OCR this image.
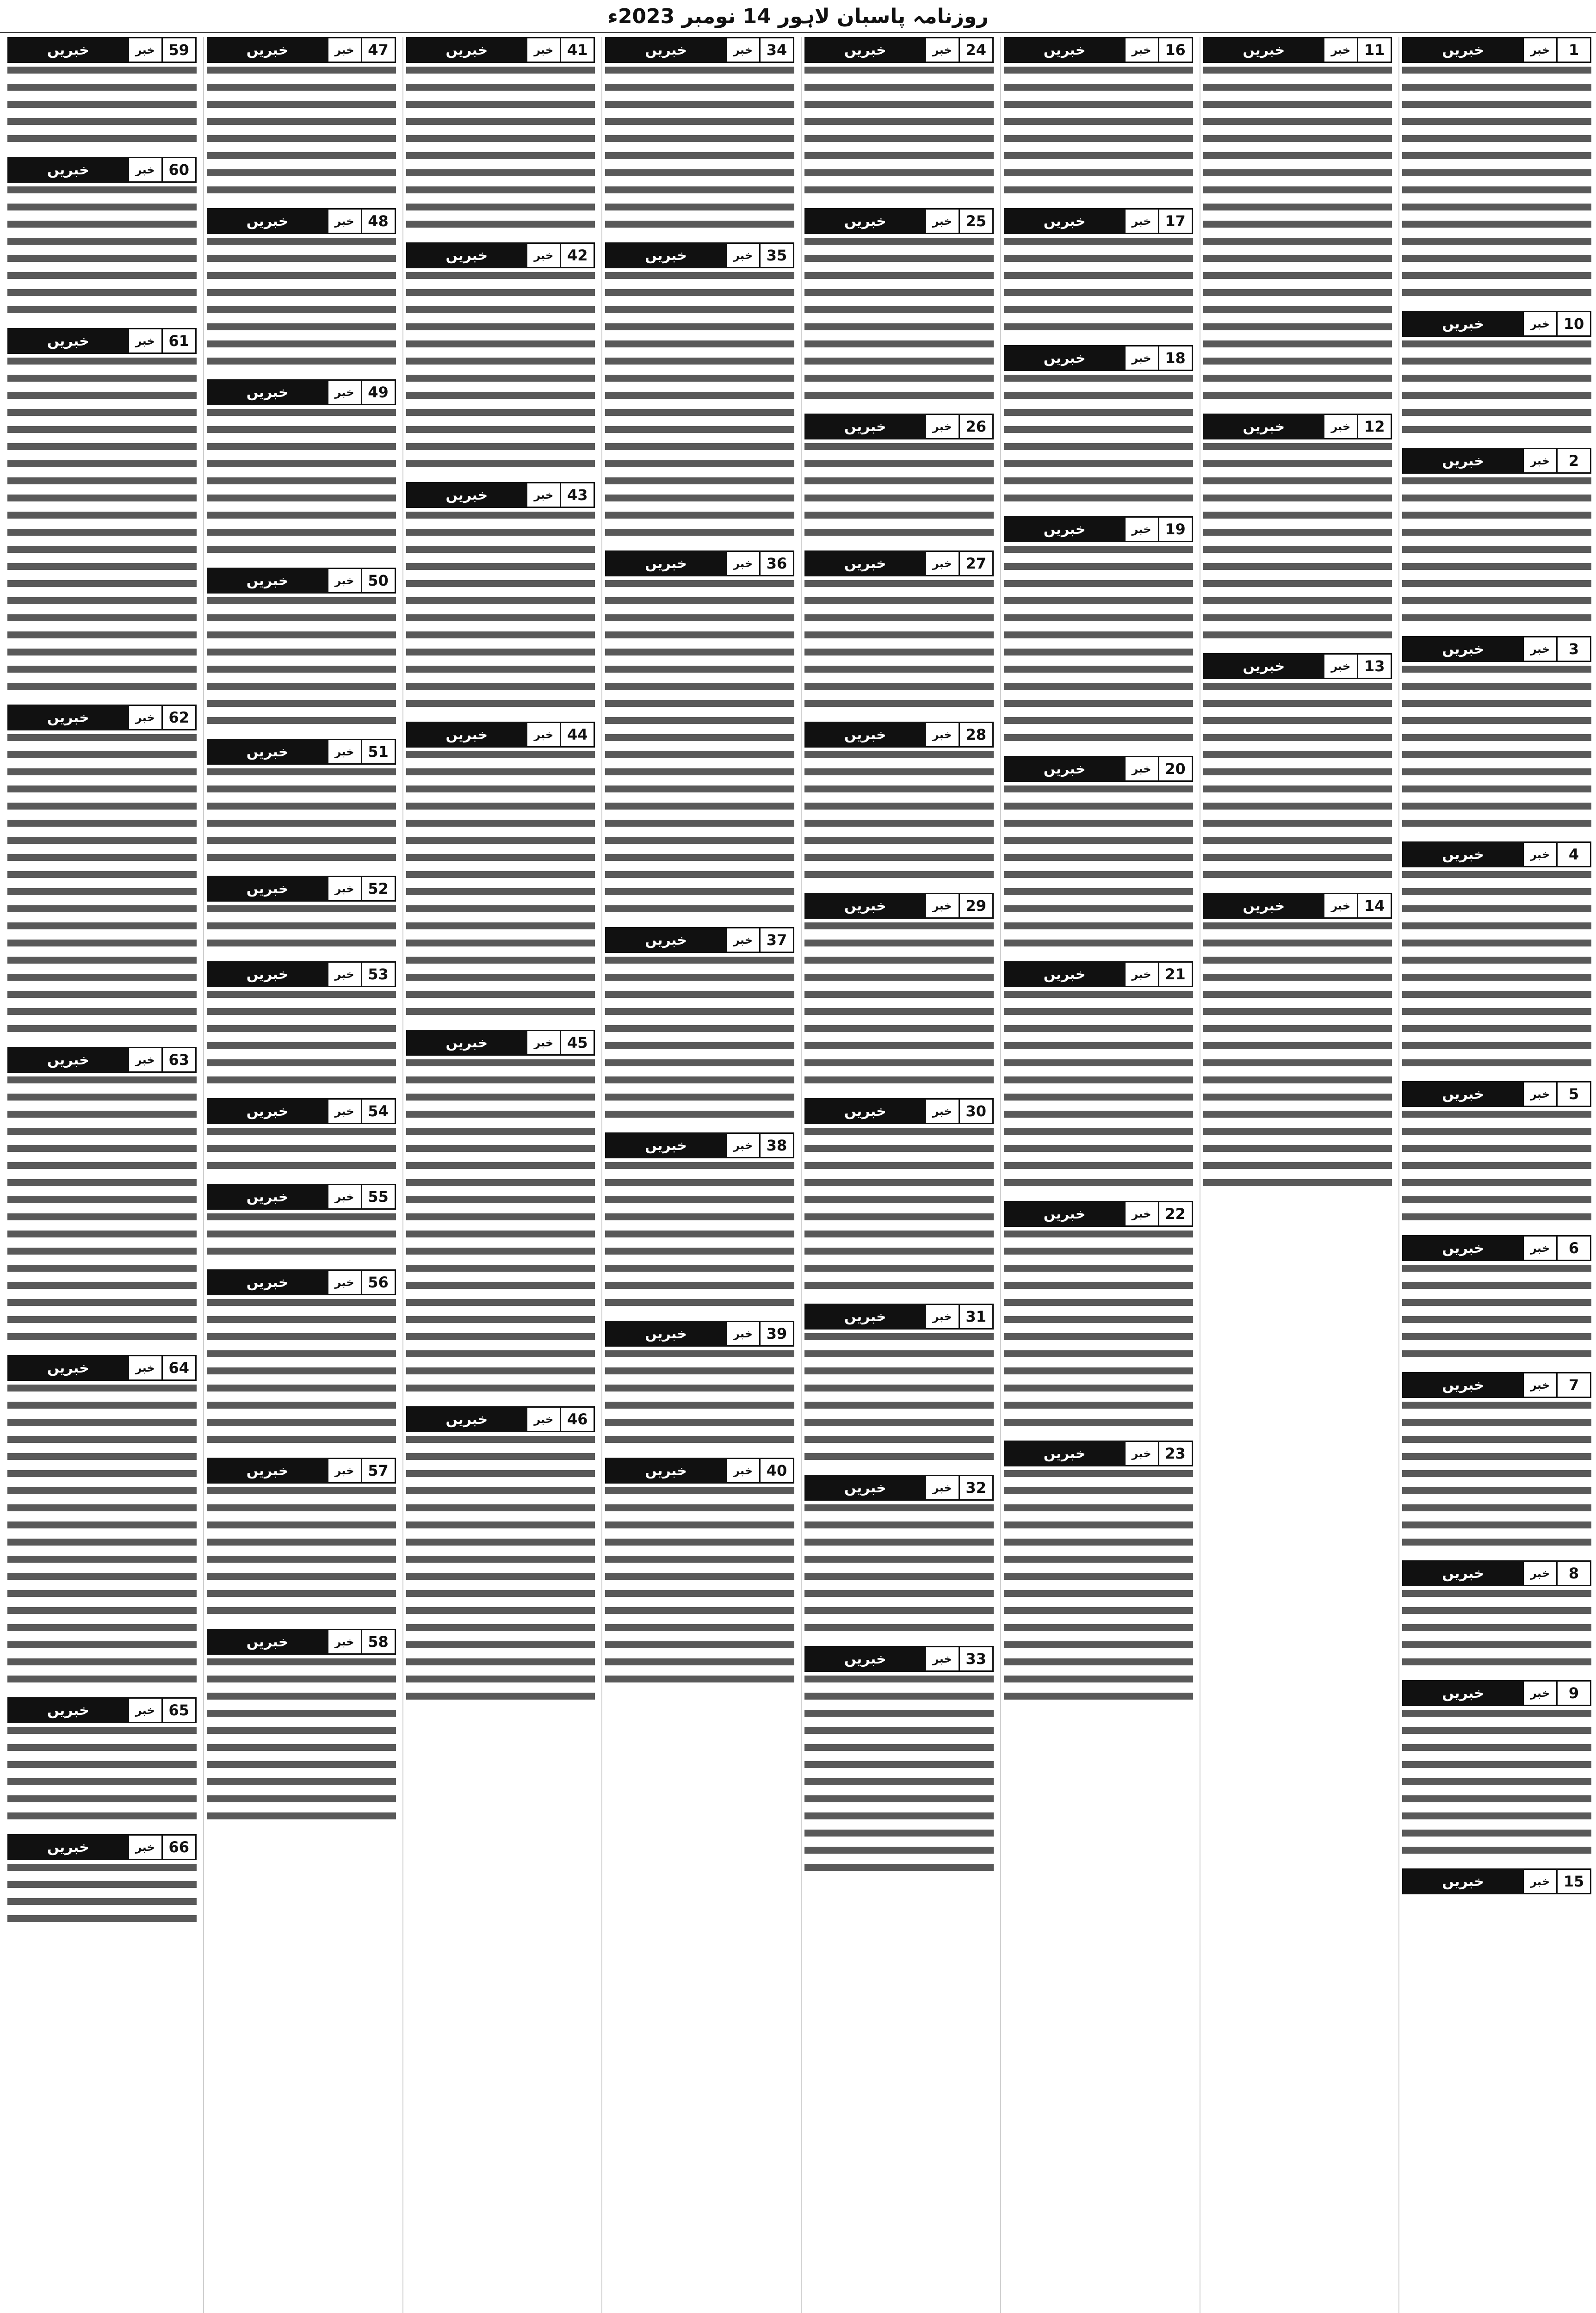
روزنامہ پاسبان لاہور 14 نومبر 2023ء
خبریں	خبر	1
خبریں	خبر 10
خبریں	خبر	2
خبریں	خبر	3
خبریں	خبر	4
خبریں	خبر	5
خبریں	خبر	6
خبریں	خبر	7
خبریں	خبر	8
خبریں	خبر	9
خبریں	خبر 15
خبریں	خبر 11
خبریں	خبر 12
خبریں	خبر 13
خبریں	خبر 14
خبریں	خبر 16
خبریں	خبر 17
خبریں	خبر 18
خبریں	خبر 19
خبریں	خبر 20
خبریں	خبر 21
خبریں	خبر 22
خبریں	خبر 23
خبریں	خبر 24
خبریں	خبر 25
خبریں	خبر 26
خبریں	خبر 27
خبریں	خبر 28
خبریں	خبر 29
خبریں	خبر 30
خبریں	خبر 31
خبریں	خبر 32
خبریں	خبر 33
خبریں	خبر 34
خبریں	خبر 35
خبریں	خبر 36
خبریں	خبر 37
خبریں	خبر 38
خبریں	خبر 39
خبریں	خبر 40
خبریں	خبر 41
خبریں	خبر 42
خبریں	خبر 43
خبریں	خبر 44
خبریں	خبر 45
خبریں	خبر 46
خبریں	خبر 47
خبریں	خبر 48
خبریں	خبر 49
خبریں	خبر 50
خبریں	خبر 51
خبریں	خبر 52
خبریں	خبر 53
خبریں	خبر 54
خبریں	خبر 55
خبریں	خبر 56
خبریں	خبر 57
خبریں	خبر 58
خبریں	خبر 59
خبریں	خبر 60
خبریں	خبر 61
خبریں	خبر 62
خبریں	خبر 63
خبریں	خبر 64
خبریں	خبر 65
خبریں	خبر 66
